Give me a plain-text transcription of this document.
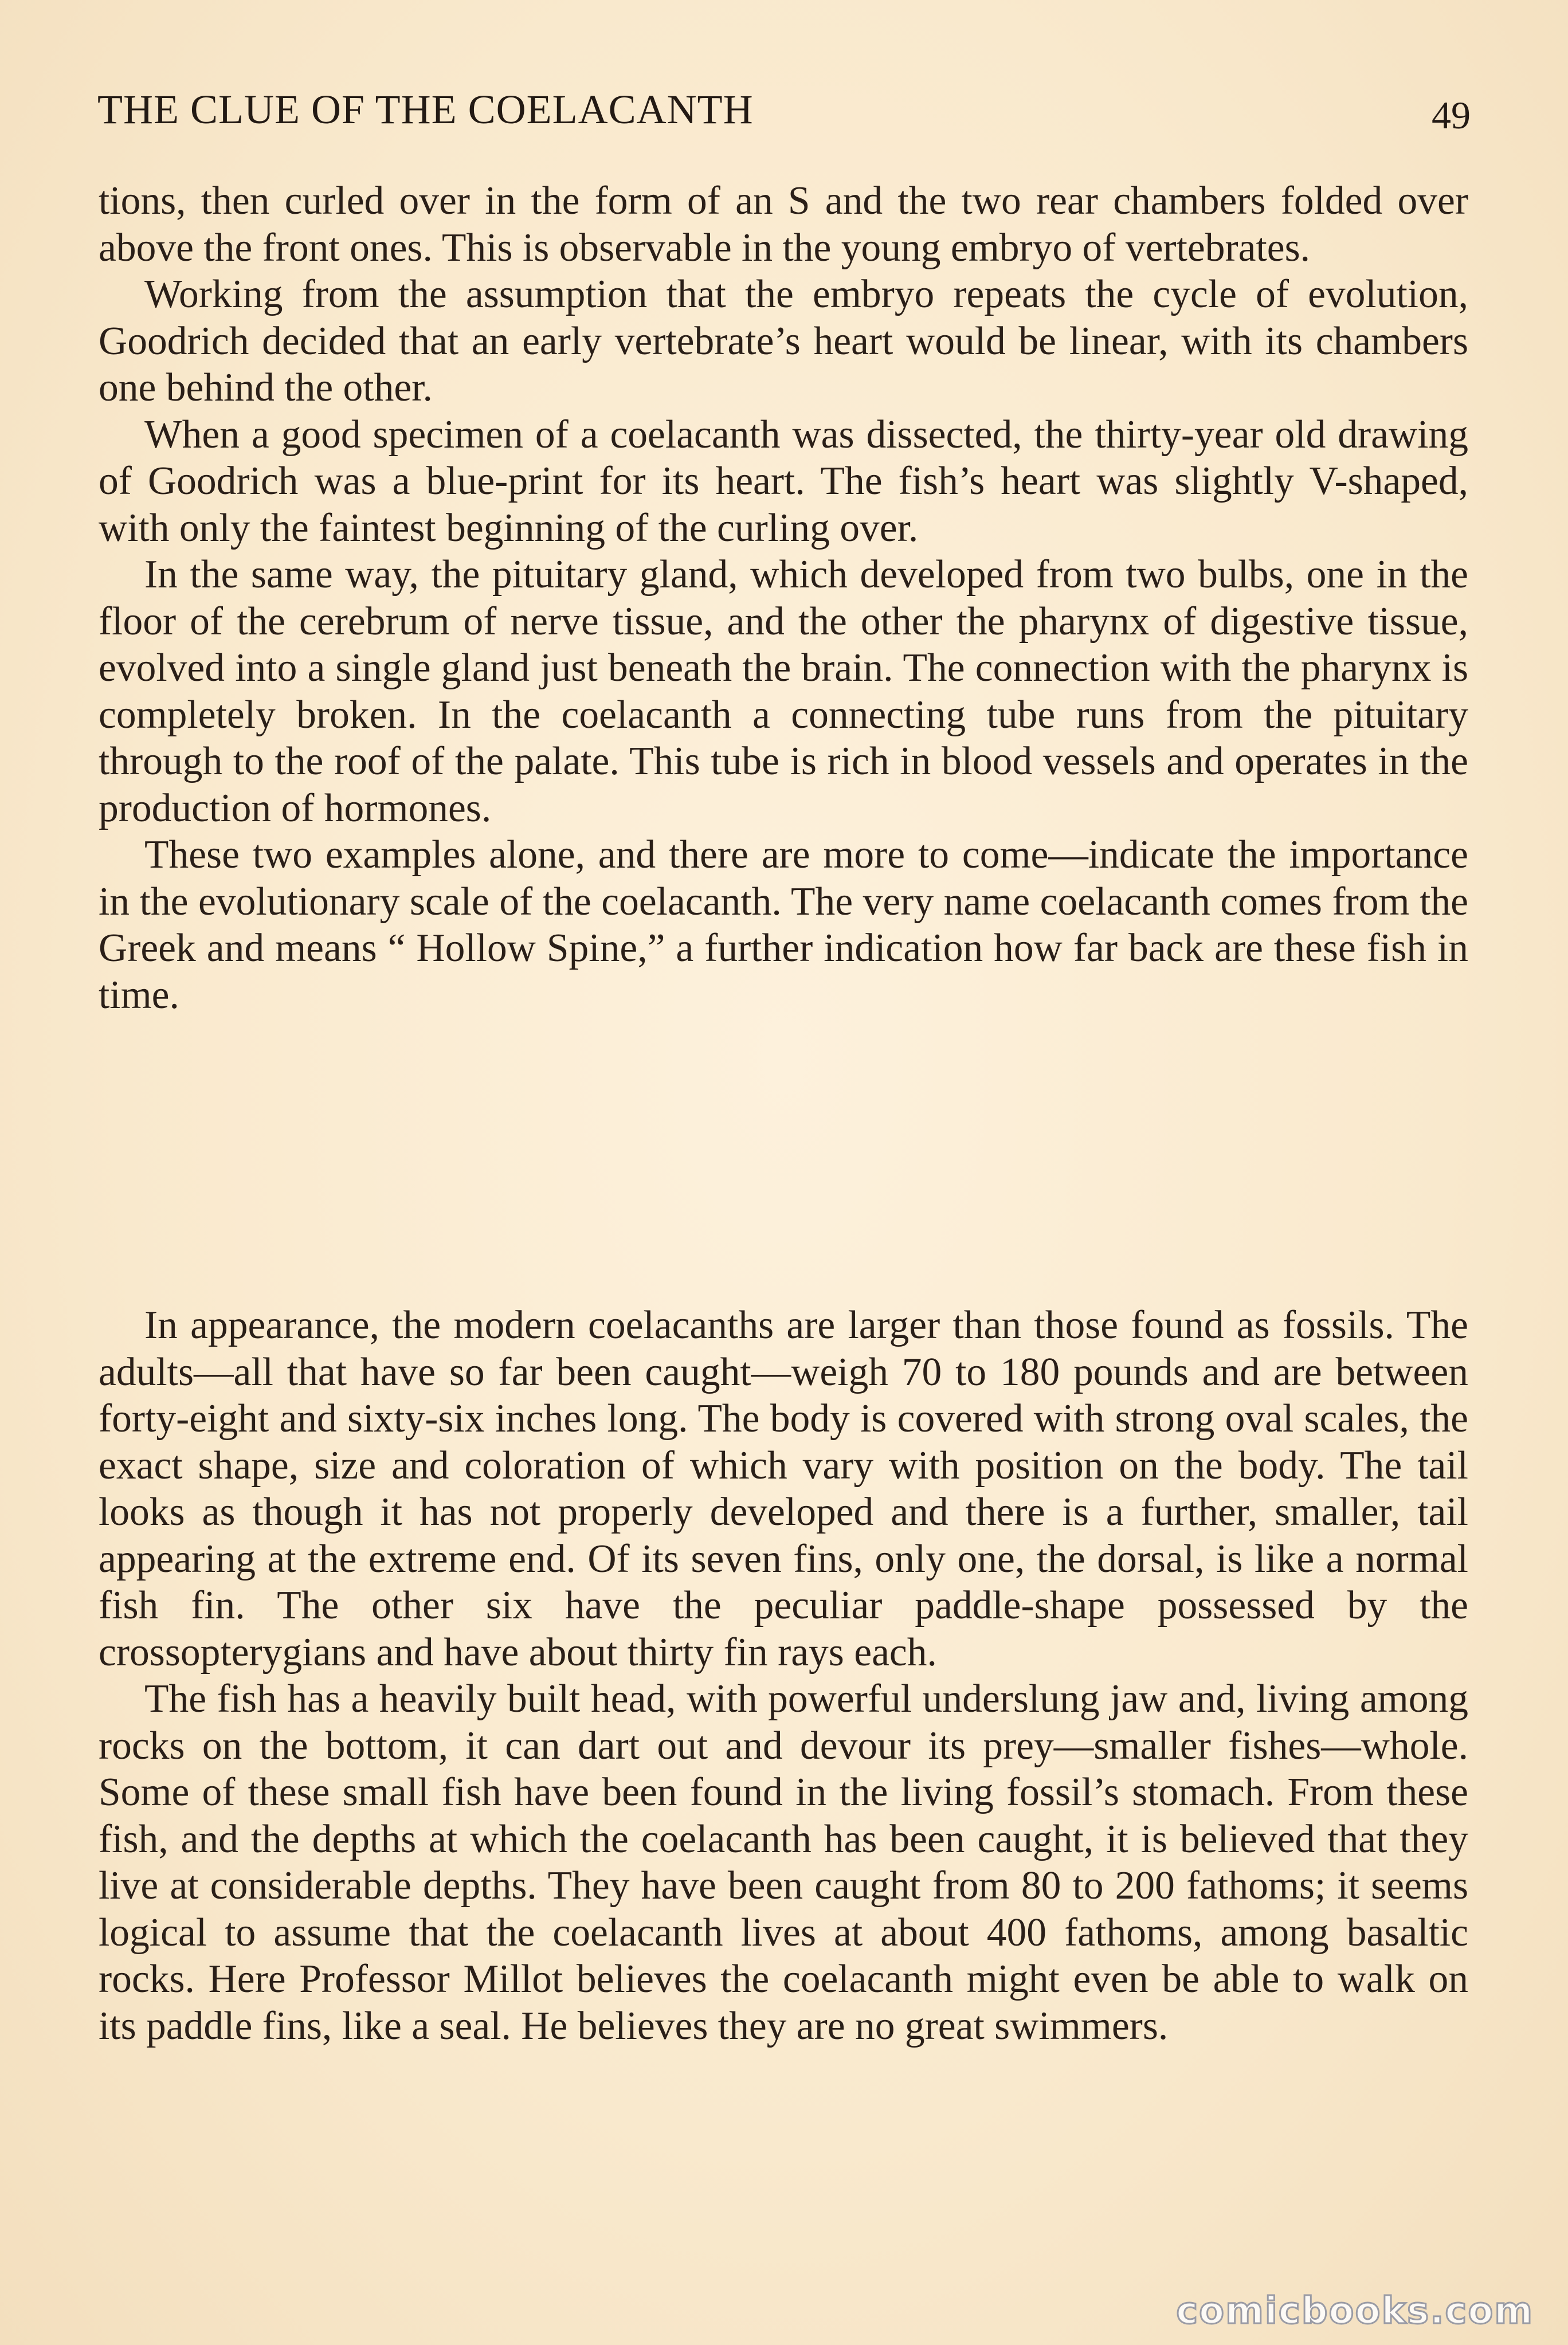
THE CLUE OF THE COELACANTH	49

tions, then curled over in the form of an S and the two rear chambers folded over above the front ones. This is observable in the young embryo of vertebrates.

Working from the assumption that the embryo repeats the cycle of evolution, Goodrich decided that an early vertebrate’s heart would be linear, with its chambers one behind the other.

When a good specimen of a coelacanth was dissected, the thirty-year old drawing of Goodrich was a blue-print for its heart. The fish’s heart was slightly V-shaped, with only the faintest beginning of the curling over.

In the same way, the pituitary gland, which developed from two bulbs, one in the floor of the cerebrum of nerve tissue, and the other the pharynx of digestive tissue, evolved into a single gland just beneath the brain. The connection with the pharynx is completely broken. In the coelacanth a connecting tube runs from the pituitary through to the roof of the palate. This tube is rich in blood vessels and operates in the production of hormones.

These two examples alone, and there are more to come—indicate the importance in the evolutionary scale of the coelacanth. The very name coelacanth comes from the Greek and means “ Hollow Spine,” a further indication how far back are these fish in time.

In appearance, the modern coelacanths are larger than those found as fossils. The adults—all that have so far been caught—weigh 70 to 180 pounds and are between forty-eight and sixty-six inches long. The body is covered with strong oval scales, the exact shape, size and coloration of which vary with position on the body. The tail looks as though it has not properly developed and there is a further, smaller, tail appearing at the extreme end. Of its seven fins, only one, the dorsal, is like a normal fish fin. The other six have the peculiar paddle-shape possessed by the crossopterygians and have about thirty fin rays each.

The fish has a heavily built head, with powerful underslung jaw and, living among rocks on the bottom, it can dart out and devour its prey—smaller fishes—whole. Some of these small fish have been found in the living fossil’s stomach. From these fish, and the depths at which the coelacanth has been caught, it is believed that they live at considerable depths. They have been caught from 80 to 200 fathoms; it seems logical to assume that the coelacanth lives at about 400 fathoms, among basaltic rocks. Here Professor Millot believes the coelacanth might even be able to walk on its paddle fins, like a seal. He believes they are no great swimmers.

comicbooks.com
